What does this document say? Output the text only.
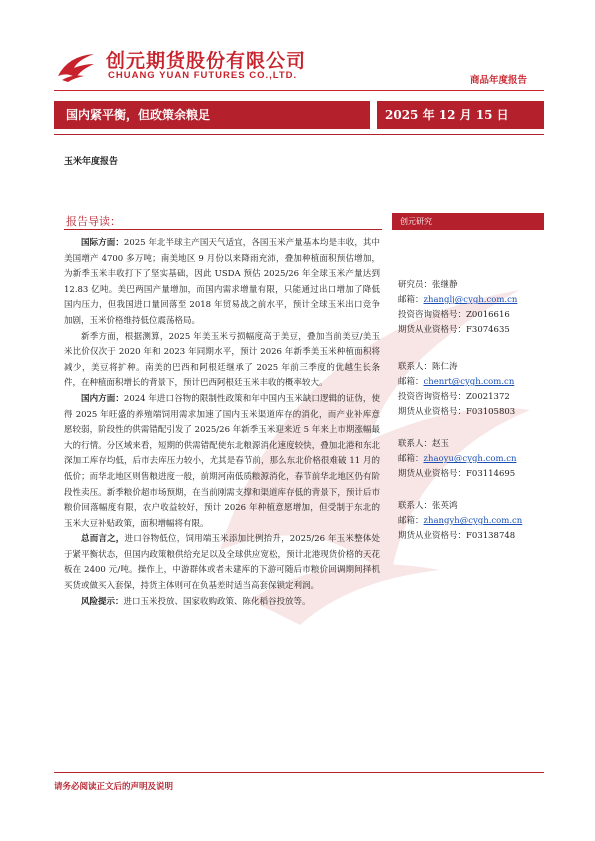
创元期货股份有限公司
CHUANG YUAN FUTURES CO.,LTD.	商品年度报告
国内紧平衡，但政策余粮足	2025 年 12 月 15 日
玉米年度报告
报告导读：

国际方面：2025 年北半球主产国天气适宜，各国玉米产量基本均是丰收，其中美国增产 4700 多万吨；南美地区 9 月份以来降雨充沛，叠加种植面积预估增加，为新季玉米丰收打下了坚实基础，因此 USDA 预估 2025/26 年全球玉米产量达到 12.83 亿吨。美巴两国产量增加，而国内需求增量有限，只能通过出口增加了降低国内压力，但我国进口量回落至 2018 年贸易战之前水平，预计全球玉米出口竞争加剧，玉米价格维持低位震荡格局。

新季方面，根据测算，2025 年美玉米亏损幅度高于美豆，叠加当前美豆/美玉米比价仅次于 2020 年和 2023 年同期水平，预计 2026 年新季美玉米种植面积将减少，美豆将扩种。南美的巴西和阿根廷继承了 2025 年前三季度的优越生长条件，在种植面积增长的背景下，预计巴西阿根廷玉米丰收的概率较大。

国内方面：2024 年进口谷物的限制性政策和年中国内玉米缺口逻辑的证伪，使得 2025 年旺盛的养殖端饲用需求加速了国内玉米渠道库存的消化，而产业补库意愿较弱，阶段性的供需错配引发了 2025/26 年新季玉米迎来近 5 年来上市期涨幅最大的行情。分区域来看，短期的供需错配使东北粮源消化速度较快，叠加北港和东北深加工库存均低，后市去库压力较小，尤其是春节前，那么东北价格很难破 11 月的低价；而华北地区则售粮进度一般，前期河南低质粮源消化，春节前华北地区仍有阶段性卖压。新季粮价超市场预期，在当前刚需支撑和渠道库存低的背景下，预计后市粮价回落幅度有限，农户收益较好，预计 2026 年种植意愿增加，但受制于东北的玉米大豆补贴政策，面积增幅将有限。

总而言之，进口谷物低位，饲用端玉米添加比例抬升，2025/26 年玉米整体处于紧平衡状态，但国内政策粮供给充足以及全球供应宽松，预计北港现货价格的天花板在 2400 元/吨。操作上，中游群体或者未建库的下游可随后市粮价回调期间择机买货或做买入套保，持货主体则可在负基差时适当高套保锁定利润。

风险提示：进口玉米投放、国家收购政策、陈化稻谷投放等。

创元研究
研究员：张继静
邮箱：zhanglj@cygh.com.cn
投资咨询资格号：Z0016616
期货从业资格号：F3074635
联系人：陈仁涛
邮箱：chenrt@cygh.com.cn
投资咨询资格号：Z0021372
期货从业资格号：F03105803
联系人：赵玉
邮箱：zhaoyu@cygh.com.cn
期货从业资格号：F03114695
联系人：张英鸿
邮箱：zhangyh@cygh.com.cn
期货从业资格号：F03138748
请务必阅读正文后的声明及说明
